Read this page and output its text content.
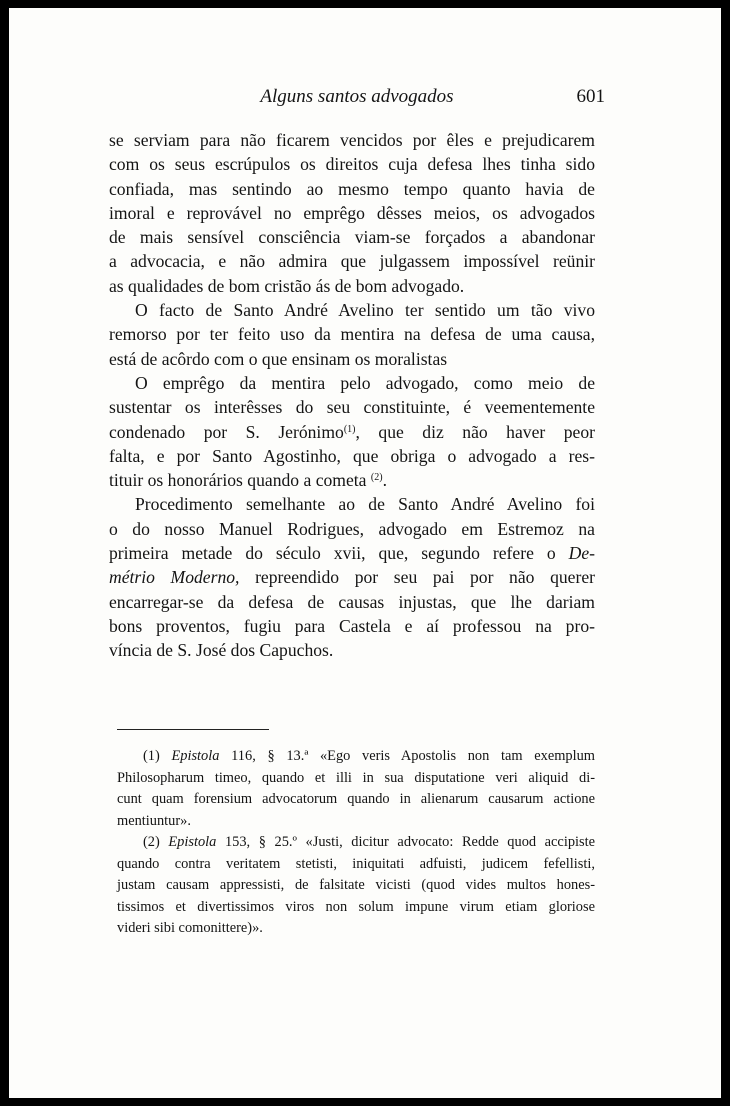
Alguns santos advogados	601
se serviam para não ficarem vencidos por êles e prejudicarem
com os seus escrúpulos os direitos cuja defesa lhes tinha sido
confiada, mas sentindo ao mesmo tempo quanto havia de
imoral e reprovável no emprêgo dêsses meios, os advogados
de mais sensível consciência viam-se forçados a abandonar
a advocacia, e não admira que julgassem impossível reünir
as qualidades de bom cristão ás de bom advogado.
O facto de Santo André Avelino ter sentido um tão vivo
remorso por ter feito uso da mentira na defesa de uma causa,
está de acôrdo com o que ensinam os moralistas
O emprêgo da mentira pelo advogado, como meio de
sustentar os interêsses do seu constituinte, é veementemente
condenado por S. Jerónimo$^{(1)}$, que diz não haver peor
falta, e por Santo Agostinho, que obriga o advogado a res-
tituir os honorários quando a cometa $^{(2)}$.
Procedimento semelhante ao de Santo André Avelino foi
o do nosso Manuel Rodrigues, advogado em Estremoz na
primeira metade do século xvii, que, segundo refere o De-
métrio Moderno, repreendido por seu pai por não querer
encarregar-se da defesa de causas injustas, que lhe dariam
bons proventos, fugiu para Castela e aí professou na pro-
víncia de S. José dos Capuchos.
(1) Epistola 116, § 13.ª «Ego veris Apostolis non tam exemplum
Philosopharum timeo, quando et illi in sua disputatione veri aliquid di-
cunt quam forensium advocatorum quando in alienarum causarum actione
mentiuntur».
(2) Epistola 153, § 25.º «Justi, dicitur advocato: Redde quod accipiste
quando contra veritatem stetisti, iniquitati adfuisti, judicem fefellisti,
justam causam appressisti, de falsitate vicisti (quod vides multos hones-
tissimos et divertissimos viros non solum impune virum etiam gloriose
videri sibi comonittere)».
